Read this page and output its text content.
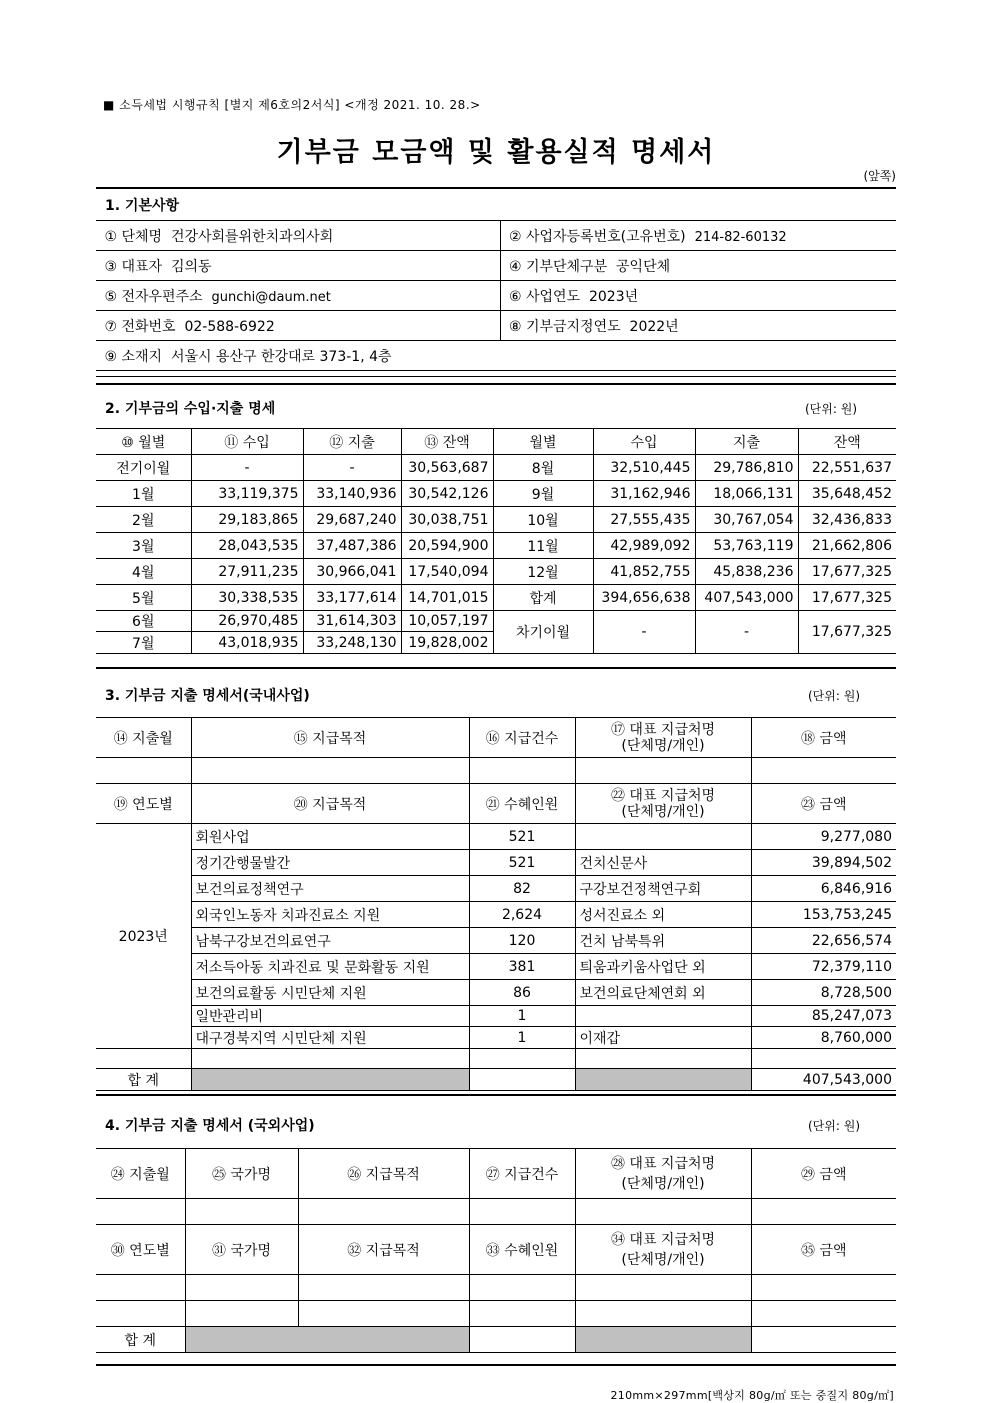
■ 소득세법 시행규칙 [별지 제6호의2서식] <개정 2021. 10. 28.>
기부금 모금액 및 활용실적 명세서
(앞쪽)
1. 기본사항
① 단체명 건강사회를위한치과의사회	② 사업자등록번호(고유번호) 214-82-60132
③ 대표자 김의동	④ 기부단체구분 공익단체
⑤ 전자우편주소 gunchi@daum.net	⑥ 사업연도 2023년
⑦ 전화번호 02-588-6922	⑧ 기부금지정연도 2022년
⑨ 소재지 서울시 용산구 한강대로 373-1, 4층	
2. 기부금의 수입·지출 명세	(단위: 원)
⑩ 월별	⑪ 수입	⑫ 지출	⑬ 잔액	월별	수입	지출	잔액
전기이월	-	-	30,563,687	8월	32,510,445	29,786,810	22,551,637
1월	33,119,375	33,140,936	30,542,126	9월	31,162,946	18,066,131	35,648,452
2월	29,183,865	29,687,240	30,038,751	10월	27,555,435	30,767,054	32,436,833
3월	28,043,535	37,487,386	20,594,900	11월	42,989,092	53,763,119	21,662,806
4월	27,911,235	30,966,041	17,540,094	12월	41,852,755	45,838,236	17,677,325
5월	30,338,535	33,177,614	14,701,015	합계	394,656,638	407,543,000	17,677,325
6월	26,970,485	31,614,303	10,057,197	차기이월	-	-	17,677,325
7월	43,018,935	33,248,130	19,828,002				
3. 기부금 지출 명세서(국내사업)	(단위: 원)
⑭ 지출월	⑮ 지급목적	⑯ 지급건수	⑰ 대표 지급처명
(단체명/개인)	⑱ 금액

⑲ 연도별	⑳ 지급목적	㉑ 수혜인원	㉒ 대표 지급처명
(단체명/개인)	㉓ 금액
2023년	회원사업	521		9,277,080
	정기간행물발간	521	건치신문사	39,894,502
	보건의료정책연구	82	구강보건정책연구회	6,846,916
	외국인노동자 치과진료소 지원	2,624	성서진료소 외	153,753,245
	남북구강보건의료연구	120	건치 남북특위	22,656,574
	저소득아동 치과진료 및 문화활동 지원	381	틔움과키움사업단 외	72,379,110
	보건의료활동 시민단체 지원	86	보건의료단체연회 외	8,728,500
	일반관리비	1		85,247,073
	대구경북지역 시민단체 지원	1	이재갑	8,760,000

합 계				407,543,000
4. 기부금 지출 명세서 (국외사업)	(단위: 원)
㉔ 지출월	㉕ 국가명	㉖ 지급목적	㉗ 지급건수	㉘ 대표 지급처명
(단체명/개인)	㉙ 금액

㉚ 연도별	㉛ 국가명	㉜ 지급목적	㉝ 수혜인원	㉞ 대표 지급처명
(단체명/개인)	㉟ 금액

합 계					
210mm×297mm[백상지 80g/㎡ 또는 중질지 80g/㎡]
